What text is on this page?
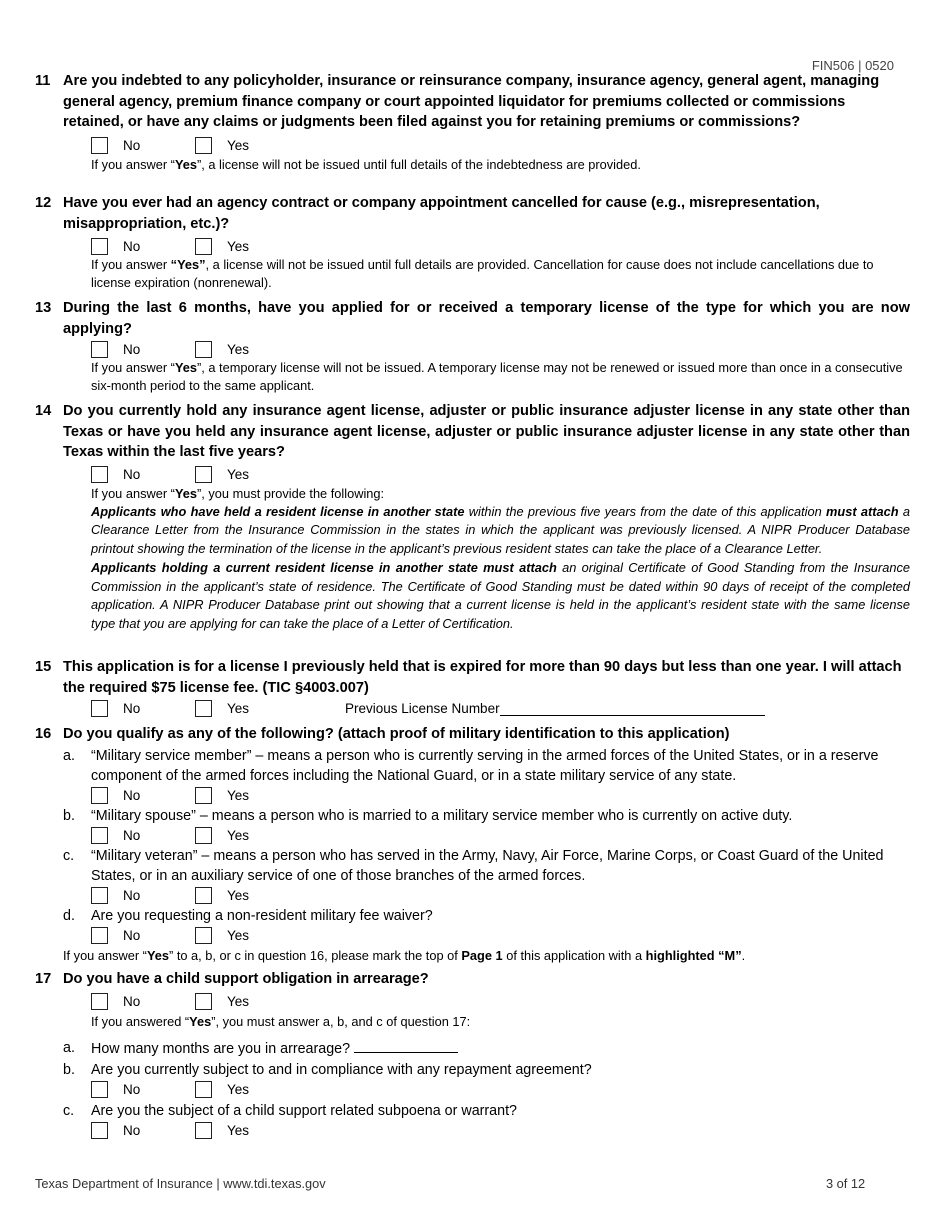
FIN506 | 0520
11 Are you indebted to any policyholder, insurance or reinsurance company, insurance agency, general agent, managing general agency, premium finance company or court appointed liquidator for premiums collected or commissions retained, or have any claims or judgments been filed against you for retaining premiums or commissions?
No	Yes
If you answer “Yes”, a license will not be issued until full details of the indebtedness are provided.
12 Have you ever had an agency contract or company appointment cancelled for cause (e.g., misrepresentation, misappropriation, etc.)?
No	Yes
If you answer “Yes”, a license will not be issued until full details are provided. Cancellation for cause does not include cancellations due to license expiration (nonrenewal).
13 During the last 6 months, have you applied for or received a temporary license of the type for which you are now applying?
No	Yes
If you answer “Yes”, a temporary license will not be issued. A temporary license may not be renewed or issued more than once in a consecutive six-month period to the same applicant.
14 Do you currently hold any insurance agent license, adjuster or public insurance adjuster license in any state other than Texas or have you held any insurance agent license, adjuster or public insurance adjuster license in any state other than Texas within the last five years?
No	Yes
If you answer “Yes”, you must provide the following:
Applicants who have held a resident license in another state within the previous five years from the date of this application must attach a Clearance Letter from the Insurance Commission in the states in which the applicant was previously licensed. A NIPR Producer Database printout showing the termination of the license in the applicant’s previous resident states can take the place of a Clearance Letter.
Applicants holding a current resident license in another state must attach an original Certificate of Good Standing from the Insurance Commission in the applicant’s state of residence. The Certificate of Good Standing must be dated within 90 days of receipt of the completed application. A NIPR Producer Database print out showing that a current license is held in the applicant’s resident state with the same license type that you are applying for can take the place of a Letter of Certification.
15 This application is for a license I previously held that is expired for more than 90 days but less than one year. I will attach the required $75 license fee. (TIC §4003.007)
No	Yes	Previous License Number
16 Do you qualify as any of the following? (attach proof of military identification to this application)
a.	“Military service member” – means a person who is currently serving in the armed forces of the United States, or in a reserve component of the armed forces including the National Guard, or in a state military service of any state.
No	Yes
b.	“Military spouse” – means a person who is married to a military service member who is currently on active duty.
No	Yes
c.	“Military veteran” – means a person who has served in the Army, Navy, Air Force, Marine Corps, or Coast Guard of the United States, or in an auxiliary service of one of those branches of the armed forces.
No	Yes
d.	Are you requesting a non-resident military fee waiver?
No	Yes
If you answer “Yes” to a, b, or c in question 16, please mark the top of Page 1 of this application with a highlighted “M”.
17 Do you have a child support obligation in arrearage?
No	Yes
If you answered “Yes”, you must answer a, b, and c of question 17:
a.	How many months are you in arrearage?
b.	Are you currently subject to and in compliance with any repayment agreement?
No	Yes
c.	Are you the subject of a child support related subpoena or warrant?
No	Yes
Texas Department of Insurance | www.tdi.texas.gov	3 of 12
